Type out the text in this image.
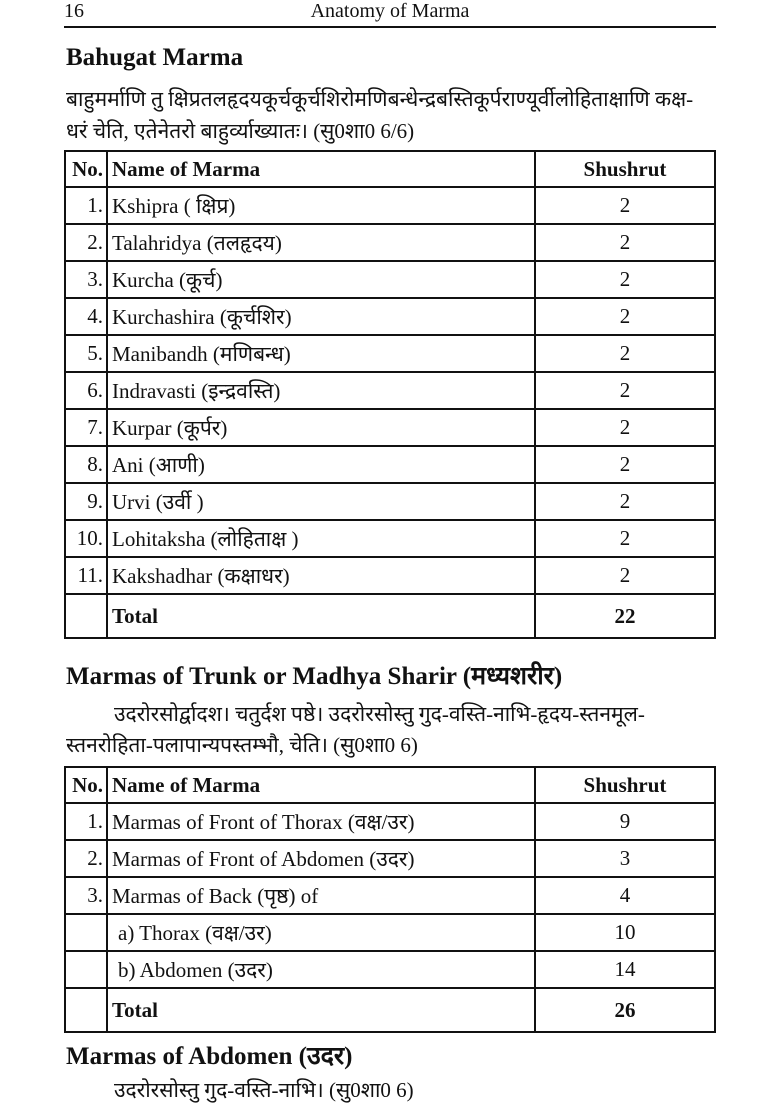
16	Anatomy of Marma
Bahugat Marma
बाहुमर्माणि तु क्षिप्रतलहृदयकूर्चकूर्चशिरोमणिबन्धेन्द्रबस्तिकूर्पराण्यूर्वीलोहिताक्षाणि कक्ष-
धरं चेति, एतेनेतरो बाहुर्व्याख्यातः। (सु0शा0 6/6)
No.	Name of Marma	Shushrut
1.	Kshipra ( क्षिप्र)	2
2.	Talahridya (तलहृदय)	2
3.	Kurcha (कूर्च)	2
4.	Kurchashira (कूर्चशिर)	2
5.	Manibandh (मणिबन्ध)	2
6.	Indravasti (इन्द्रवस्ति)	2
7.	Kurpar (कूर्पर)	2
8.	Ani (आणी)	2
9.	Urvi (उर्वी )	2
10.	Lohitaksha (लोहिताक्ष )	2
11.	Kakshadhar (कक्षाधर)	2
	Total	22
Marmas of Trunk or Madhya Sharir (मध्यशरीर)
उदरोरसोर्द्वादश। चतुर्दश पष्ठे। उदरोरसोस्तु गुद-वस्ति-नाभि-हृदय-स्तनमूल-
स्तनरोहिता-पलापान्यपस्तम्भौ, चेति। (सु0शा0 6)
No.	Name of Marma	Shushrut
1.	Marmas of Front of Thorax (वक्ष/उर)	9
2.	Marmas of Front of Abdomen (उदर)	3
3.	Marmas of Back (पृष्ठ) of	4
	a) Thorax (वक्ष/उर)	10
	b) Abdomen (उदर)	14
	Total	26
Marmas of Abdomen (उदर)
उदरोरसोस्तु गुद-वस्ति-नाभि। (सु0शा0 6)
